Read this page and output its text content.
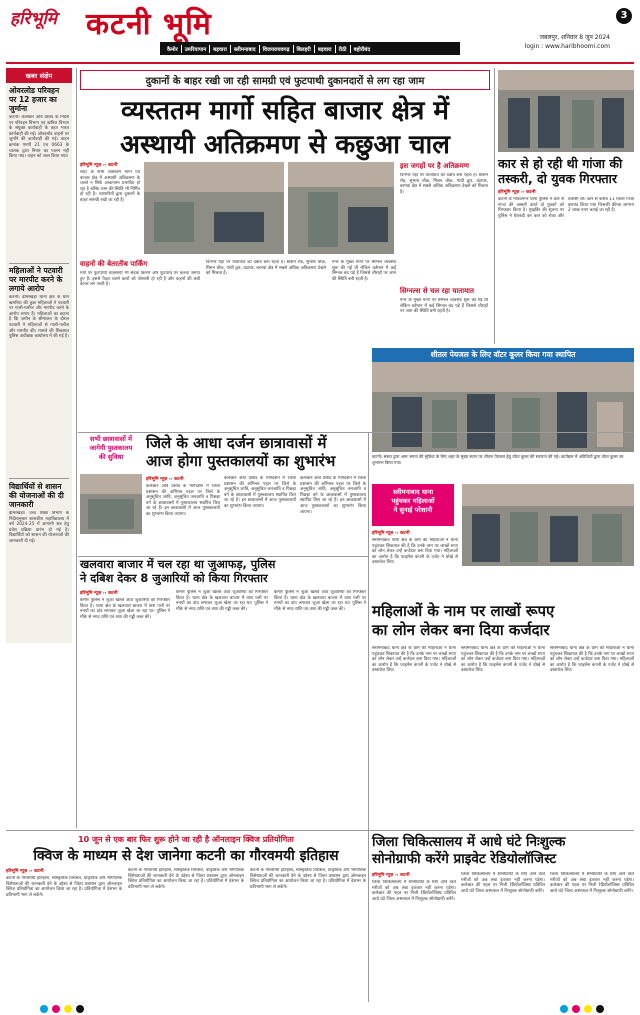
हरिभूमि कटनी भूमि	3
जबलपुर, शनिवार 8 जून 2024
login : www.haribhoomi.com
कैमोर	उमरियापान	बड़वारा	स्लीमनाबाद	विजयराघवगढ़	बिलहरी	बड़वारा	रीठी	बहोरीबंद
खबर संक्षेप
ओवरलोड परिवहन पर 12 हजार का जुर्माना
कटनी। कलेक्टर अवि प्रसाद के निर्देश पर परिवहन विभाग एवं खनिज विभाग के संयुक्त कार्यवाही के तहत भारत कार्यवाही की गई। ओवरलोड वाहनों पर जुर्माने की कार्यवाही की गई। वाहन क्रमांक एमपी 21 एच 0663 के चालक द्वारा नियम का पालन नहीं किया गया। वाहन को जब्त किया गया।
महिलाओं ने पटवारी पर मारपीट करने के लगाये आरोप
कटनी। ढीमरखेड़ा थाना क्षेत्र के ग्राम खमरिया की कुछ महिलाओं ने पटवारी पर गाली-गलौज और मारपीट करने के आरोप लगाए हैं। महिलाओं का कहना है कि जमीन के सीमांकन के दौरान पटवारी ने महिलाओं से गाली-गलौज और मारपीट की। मामले की शिकायत पुलिस अधीक्षक कार्यालय में की गई है।
विद्यार्थियों से शासन की योजनाओं की दी जानकारी
ढीमरखेड़ा। उच्च शिक्षा विभाग के निर्देशानुसार शासकीय महाविद्यालय में वर्ष 2024-25 में आगामी सत्र हेतु प्रवेश प्रक्रिया प्रारंभ हो गई है। विद्यार्थियों को शासन की योजनाओं की जानकारी दी गई।
दुकानों के बाहर रखी जा रही सामग्री एवं फुटपाथी दुकानदारों से लग रहा जाम
व्यस्ततम मार्गो सहित बाजार क्षेत्र में
अस्थायी अतिक्रमण से कछुआ चाल
हरिभूमि न्यूज़ ›› कटनी
शहर के सभी व्यस्ततम मार्गों एवं बाजार क्षेत्र में अस्थायी अतिक्रमण के चलते न सिर्फ आवागमन प्रभावित हो रहा है बल्कि जाम की स्थिति भी निर्मित हो रही है। व्यापारियों द्वारा दुकानों के बाहर सामग्री रखी जा रही है।
वाहनों की बेतरतीब पार्किंग
मार्ग पर फुटपाथी व्यवसायी भी सड़क किनारे और फुटपाथ पर कब्जा जमाए हुए हैं। इससे पैदल चलने वालों को परेशानी हो रही है और वाहनों की लंबी कतार लग जाती है।
दिनभर यहां पर यातायात का दबाव बना रहता है। स्टेशन रोड, सुभाष चौक, मिशन चौक, गांधी द्वार, घंटाघर, बरगवां क्षेत्र में सबसे अधिक अतिक्रमण देखने को मिलता है।
इस जगहों पर है अतिक्रमण
दिनभर यहां पर यातायात का दबाव बना रहता है। स्टेशन रोड, सुभाष चौक, मिशन चौक, गांधी द्वार, घंटाघर, बरगवां क्षेत्र में सबसे अधिक अतिक्रमण देखने को मिलता है।
सिग्नल्स से चल रहा यातायात
नगर के मुख्य मार्गों पर सिग्नल व्यवस्था शुरू की गई थी लेकिन वर्तमान में कई सिग्नल बंद पड़े हैं जिससे चौराहों पर जाम की स्थिति बनी रहती है।
नगर के मुख्य मार्गों पर सिग्नल व्यवस्था शुरू की गई थी लेकिन वर्तमान में कई सिग्नल बंद पड़े हैं जिससे चौराहों पर जाम की स्थिति बनी रहती है।
कार से हो रही थी गांजा की तस्करी, दो युवक गिरफ्तार
हरिभूमि न्यूज़ ›› कटनी
कटनी के माधवनगर थाना पुलिस ने कार से गांजा की तस्करी करते दो युवकों को गिरफ्तार किया है। मुखबिर की सूचना पर पुलिस ने घेराबंदी कर कार को रोका और तलाशी ली। कार से करीब 11 किलो गांजा बरामद किया गया जिसकी कीमत लगभग 2 लाख रुपए बताई जा रही है।
शीतल पेयजल के लिए वॉटर कूलर किया गया स्थापित
कटनी। संस्था द्वारा आम जनता की सुविधा के लिए शहर के मुख्य स्थान पर शीतल पेयजल हेतु वॉटर कूलर की स्थापना की गई। कार्यक्रम में अतिथियों द्वारा वॉटर कूलर का शुभारंभ किया गया।
सभी छात्रावासों में
जागेगी पुस्तकालय
की सुविधा
जिले के आधा दर्जन छात्रावासों में
आज होगा पुस्तकालयों का शुभारंभ
हरिभूमि न्यूज़ ›› कटनी
कलेक्टर अवि प्रसाद के मार्गदर्शन में जिला प्रशासन की अभिनव पहल पर जिले के अनुसूचित जाति, अनुसूचित जनजाति व पिछड़ा वर्ग के छात्रावासों में पुस्तकालय स्थापित किए जा रहे हैं। इन छात्रावासों में आज पुस्तकालयों का शुभारंभ किया जाएगा।
कलेक्टर अवि प्रसाद के मार्गदर्शन में जिला प्रशासन की अभिनव पहल पर जिले के अनुसूचित जाति, अनुसूचित जनजाति व पिछड़ा वर्ग के छात्रावासों में पुस्तकालय स्थापित किए जा रहे हैं। इन छात्रावासों में आज पुस्तकालयों का शुभारंभ किया जाएगा।
कलेक्टर अवि प्रसाद के मार्गदर्शन में जिला प्रशासन की अभिनव पहल पर जिले के अनुसूचित जाति, अनुसूचित जनजाति व पिछड़ा वर्ग के छात्रावासों में पुस्तकालय स्थापित किए जा रहे हैं। इन छात्रावासों में आज पुस्तकालयों का शुभारंभ किया जाएगा।
खलवारा बाजार में चल रहा था जुआफड़, पुलिस
ने दबिश देकर 8 जुआरियों को किया गिरफ्तार
हरिभूमि न्यूज़ ›› कटनी
कैमोर पुलिस ने जुआ खेलते आठ जुआरियों को गिरफ्तार किया है। थाना क्षेत्र के खलवारा बाजार में ताश पत्ती पर रुपयों का दांव लगाकर जुआ खेला जा रहा था। पुलिस ने मौके से नगद राशि एवं ताश की गड्डी जब्त की।
कैमोर पुलिस ने जुआ खेलते आठ जुआरियों को गिरफ्तार किया है। थाना क्षेत्र के खलवारा बाजार में ताश पत्ती पर रुपयों का दांव लगाकर जुआ खेला जा रहा था। पुलिस ने मौके से नगद राशि एवं ताश की गड्डी जब्त की।
कैमोर पुलिस ने जुआ खेलते आठ जुआरियों को गिरफ्तार किया है। थाना क्षेत्र के खलवारा बाजार में ताश पत्ती पर रुपयों का दांव लगाकर जुआ खेला जा रहा था। पुलिस ने मौके से नगद राशि एवं ताश की गड्डी जब्त की।
स्लीमनाबाद थाना
पहुंचकर महिलाओं
ने सुनाई परेशानी
हरिभूमि न्यूज़ ›› कटनी
स्लीमनाबाद थाना क्षेत्र के ग्राम की महिलाओं ने थाना पहुंचकर शिकायत की है कि उनके नाम पर लाखों रुपए का लोन लेकर उन्हें कर्जदार बना दिया गया। महिलाओं का आरोप है कि फाइनेंस कंपनी के एजेंट ने धोखे से दस्तावेज लिए।
महिलाओं के नाम पर लाखों रूपए
का लोन लेकर बना दिया कर्जदार
स्लीमनाबाद थाना क्षेत्र के ग्राम की महिलाओं ने थाना पहुंचकर शिकायत की है कि उनके नाम पर लाखों रुपए का लोन लेकर उन्हें कर्जदार बना दिया गया। महिलाओं का आरोप है कि फाइनेंस कंपनी के एजेंट ने धोखे से दस्तावेज लिए।
स्लीमनाबाद थाना क्षेत्र के ग्राम की महिलाओं ने थाना पहुंचकर शिकायत की है कि उनके नाम पर लाखों रुपए का लोन लेकर उन्हें कर्जदार बना दिया गया। महिलाओं का आरोप है कि फाइनेंस कंपनी के एजेंट ने धोखे से दस्तावेज लिए।
स्लीमनाबाद थाना क्षेत्र के ग्राम की महिलाओं ने थाना पहुंचकर शिकायत की है कि उनके नाम पर लाखों रुपए का लोन लेकर उन्हें कर्जदार बना दिया गया। महिलाओं का आरोप है कि फाइनेंस कंपनी के एजेंट ने धोखे से दस्तावेज लिए।
10 जून से एक बार फिर शुरू होने जा रही है ऑनलाइन क्विज प्रतियोगिता
क्विज के माध्यम से देश जानेगा कटनी का गौरवमयी इतिहास
हरिभूमि न्यूज़ ›› कटनी
कटनी के गौरवमयी इतिहास, सांस्कृतिक विरासत, प्राकृतिक और भौगोलिक विशेषताओं की जानकारी देने के उद्देश्य से जिला प्रशासन द्वारा ऑनलाइन क्विज प्रतियोगिता का आयोजन किया जा रहा है। प्रतियोगिता में देशभर के प्रतिभागी भाग ले सकेंगे।
कटनी के गौरवमयी इतिहास, सांस्कृतिक विरासत, प्राकृतिक और भौगोलिक विशेषताओं की जानकारी देने के उद्देश्य से जिला प्रशासन द्वारा ऑनलाइन क्विज प्रतियोगिता का आयोजन किया जा रहा है। प्रतियोगिता में देशभर के प्रतिभागी भाग ले सकेंगे।
कटनी के गौरवमयी इतिहास, सांस्कृतिक विरासत, प्राकृतिक और भौगोलिक विशेषताओं की जानकारी देने के उद्देश्य से जिला प्रशासन द्वारा ऑनलाइन क्विज प्रतियोगिता का आयोजन किया जा रहा है। प्रतियोगिता में देशभर के प्रतिभागी भाग ले सकेंगे।
जिला चिकित्सालय में आधे घंटे निःशुल्क
सोनोग्राफी करेंगे प्राइवेट रेडियोलॉजिस्ट
हरिभूमि न्यूज़ ›› कटनी
जिला चिकित्सालय में सोनोग्राफी के लिए आने वाले मरीजों को अब लंबा इंतजार नहीं करना पड़ेगा। कलेक्टर की पहल पर निजी रेडियोलॉजिस्ट प्रतिदिन आधे घंटे जिला अस्पताल में निःशुल्क सोनोग्राफी करेंगे।
जिला चिकित्सालय में सोनोग्राफी के लिए आने वाले मरीजों को अब लंबा इंतजार नहीं करना पड़ेगा। कलेक्टर की पहल पर निजी रेडियोलॉजिस्ट प्रतिदिन आधे घंटे जिला अस्पताल में निःशुल्क सोनोग्राफी करेंगे।
जिला चिकित्सालय में सोनोग्राफी के लिए आने वाले मरीजों को अब लंबा इंतजार नहीं करना पड़ेगा। कलेक्टर की पहल पर निजी रेडियोलॉजिस्ट प्रतिदिन आधे घंटे जिला अस्पताल में निःशुल्क सोनोग्राफी करेंगे।
